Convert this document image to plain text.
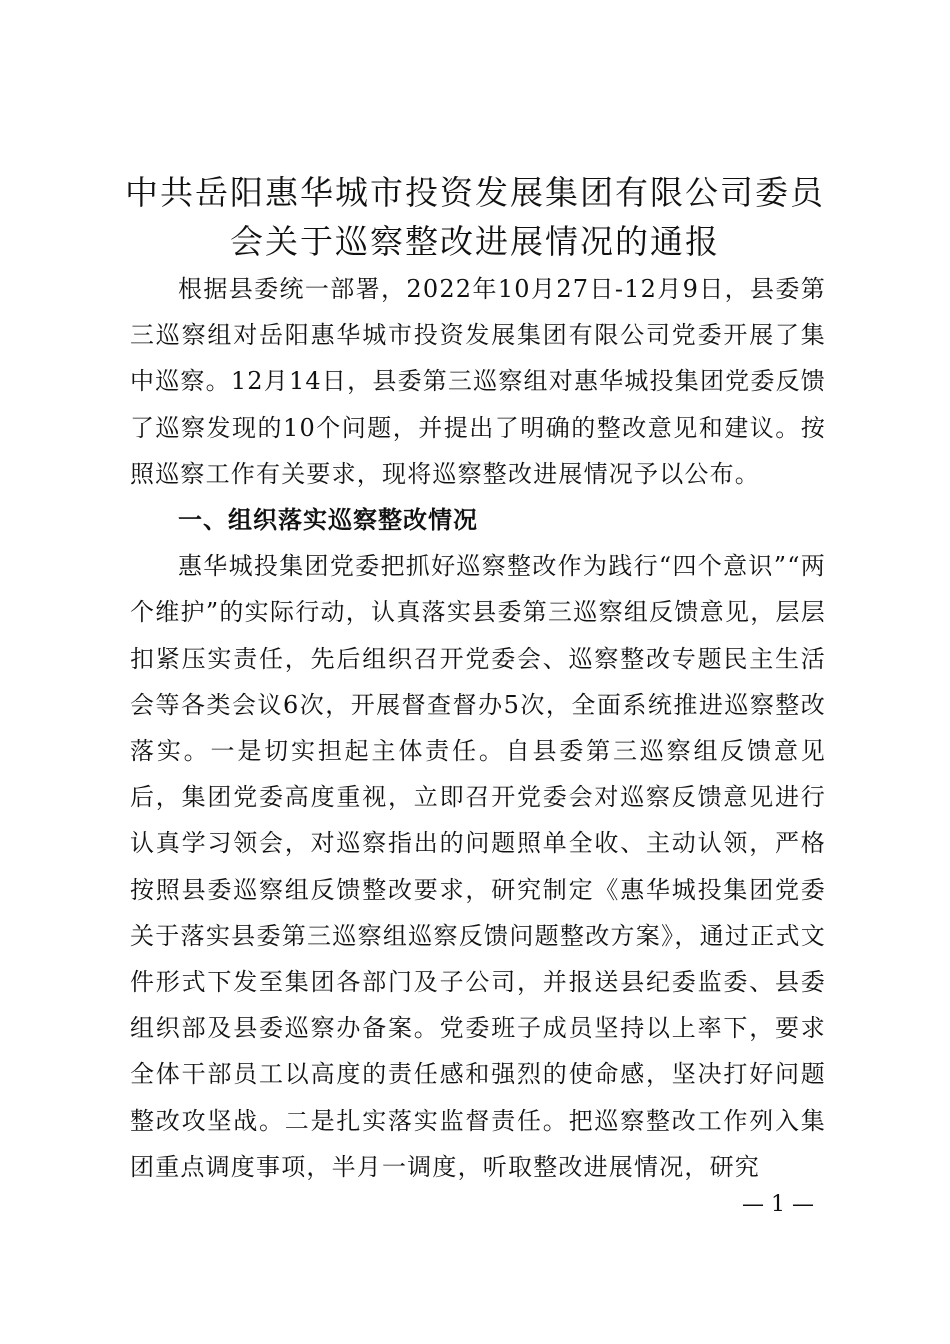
中共岳阳惠华城市投资发展集团有限公司委员会关于巡察整改进展情况的通报

根据县委统一部署，2022年10月27日-12月9日，县委第三巡察组对岳阳惠华城市投资发展集团有限公司党委开展了集中巡察。12月14日，县委第三巡察组对惠华城投集团党委反馈了巡察发现的10个问题，并提出了明确的整改意见和建议。按照巡察工作有关要求，现将巡察整改进展情况予以公布。

一、组织落实巡察整改情况

惠华城投集团党委把抓好巡察整改作为践行“四个意识”“两个维护”的实际行动，认真落实县委第三巡察组反馈意见，层层扣紧压实责任，先后组织召开党委会、巡察整改专题民主生活会等各类会议6次，开展督查督办5次，全面系统推进巡察整改落实。一是切实担起主体责任。自县委第三巡察组反馈意见后，集团党委高度重视，立即召开党委会对巡察反馈意见进行认真学习领会，对巡察指出的问题照单全收、主动认领，严格按照县委巡察组反馈整改要求，研究制定《惠华城投集团党委关于落实县委第三巡察组巡察反馈问题整改方案》，通过正式文件形式下发至集团各部门及子公司，并报送县纪委监委、县委组织部及县委巡察办备案。党委班子成员坚持以上率下，要求全体干部员工以高度的责任感和强烈的使命感，坚决打好问题整改攻坚战。二是扎实落实监督责任。把巡察整改工作列入集团重点调度事项，半月一调度，听取整改进展情况，研究

— 1 —
